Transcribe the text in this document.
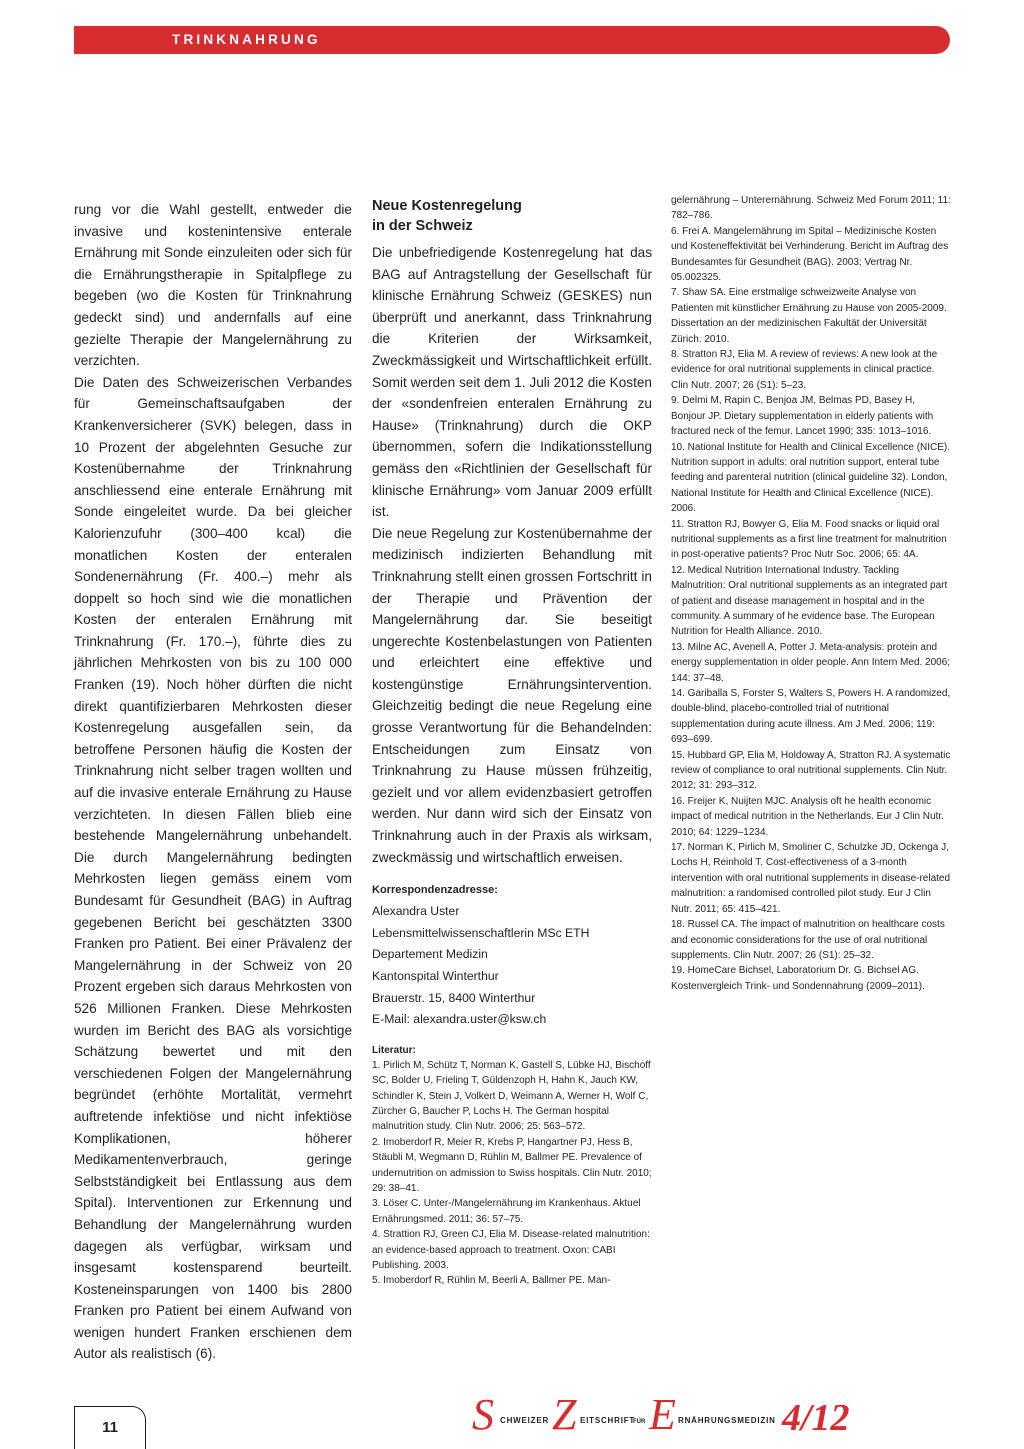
TRINKNAHRUNG

rung vor die Wahl gestellt, entweder die invasive und kostenintensive enterale Ernährung mit Sonde einzuleiten oder sich für die Ernährungstherapie in Spitalpflege zu begeben (wo die Kosten für Trinknahrung gedeckt sind) und andernfalls auf eine gezielte Therapie der Mangelernährung zu verzichten.

Die Daten des Schweizerischen Verbandes für Gemeinschaftsaufgaben der Krankenversicherer (SVK) belegen, dass in 10 Prozent der abgelehnten Gesuche zur Kostenübernahme der Trinknahrung anschliessend eine enterale Ernährung mit Sonde eingeleitet wurde. Da bei gleicher Kalorienzufuhr (300–400 kcal) die monatlichen Kosten der enteralen Sondenernährung (Fr. 400.–) mehr als doppelt so hoch sind wie die monatlichen Kosten der enteralen Ernährung mit Trinknahrung (Fr. 170.–), führte dies zu jährlichen Mehrkosten von bis zu 100 000 Franken (19). Noch höher dürften die nicht direkt quantifizierbaren Mehrkosten dieser Kostenregelung ausgefallen sein, da betroffene Personen häufig die Kosten der Trinknahrung nicht selber tragen wollten und auf die invasive enterale Ernährung zu Hause verzichteten. In diesen Fällen blieb eine bestehende Mangelernährung unbehandelt. Die durch Mangelernährung bedingten Mehrkosten liegen gemäss einem vom Bundesamt für Gesundheit (BAG) in Auftrag gegebenen Bericht bei geschätzten 3300 Franken pro Patient. Bei einer Prävalenz der Mangelernährung in der Schweiz von 20 Prozent ergeben sich daraus Mehrkosten von 526 Millionen Franken. Diese Mehrkosten wurden im Bericht des BAG als vorsichtige Schätzung bewertet und mit den verschiedenen Folgen der Mangelernährung begründet (erhöhte Mortalität, vermehrt auftretende infektiöse und nicht infektiöse Komplikationen, höherer Medikamentenverbrauch, geringe Selbstständigkeit bei Entlassung aus dem Spital). Interventionen zur Erkennung und Behandlung der Mangelernährung wurden dagegen als verfügbar, wirksam und insgesamt kostensparend beurteilt. Kosteneinsparungen von 1400 bis 2800 Franken pro Patient bei einem Aufwand von wenigen hundert Franken erschienen dem Autor als realistisch (6).

Neue Kostenregelung
in der Schweiz

Die unbefriedigende Kostenregelung hat das BAG auf Antragstellung der Gesellschaft für klinische Ernährung Schweiz (GESKES) nun überprüft und anerkannt, dass Trinknahrung die Kriterien der Wirksamkeit, Zweckmässigkeit und Wirtschaftlichkeit erfüllt. Somit werden seit dem 1. Juli 2012 die Kosten der «sondenfreien enteralen Ernährung zu Hause» (Trinknahrung) durch die OKP übernommen, sofern die Indikationsstellung gemäss den «Richtlinien der Gesellschaft für klinische Ernährung» vom Januar 2009 erfüllt ist.

Die neue Regelung zur Kostenübernahme der medizinisch indizierten Behandlung mit Trinknahrung stellt einen grossen Fortschritt in der Therapie und Prävention der Mangelernährung dar. Sie beseitigt ungerechte Kostenbelastungen von Patienten und erleichtert eine effektive und kostengünstige Ernährungsintervention. Gleichzeitig bedingt die neue Regelung eine grosse Verantwortung für die Behandelnden: Entscheidungen zum Einsatz von Trinknahrung zu Hause müssen frühzeitig, gezielt und vor allem evidenzbasiert getroffen werden. Nur dann wird sich der Einsatz von Trinknahrung auch in der Praxis als wirksam, zweckmässig und wirtschaftlich erweisen.

Korrespondenzadresse:
Alexandra Uster
Lebensmittelwissenschaftlerin MSc ETH
Departement Medizin
Kantonspital Winterthur
Brauerstr. 15, 8400 Winterthur
E-Mail: alexandra.uster@ksw.ch
Literatur:

1. Pirlich M, Schütz T, Norman K, Gastell S, Lübke HJ, Bischoff SC, Bolder U, Frieling T, Güldenzoph H, Hahn K, Jauch KW, Schindler K, Stein J, Volkert D, Weimann A, Werner H, Wolf C, Zürcher G, Baucher P, Lochs H. The German hospital malnutrition study. Clin Nutr. 2006; 25: 563–572.

2. Imoberdorf R, Meier R, Krebs P, Hangartner PJ, Hess B, Stäubli M, Wegmann D, Rühlin M, Ballmer PE. Prevalence of undernutrition on admission to Swiss hospitals. Clin Nutr. 2010; 29: 38–41.

3. Löser C. Unter-/Mangelernährung im Krankenhaus. Aktuel Ernährungsmed. 2011; 36: 57–75.

4. Strattion RJ, Green CJ, Elia M. Disease-related malnutrition: an evidence-based approach to treatment. Oxon: CABI Publishing. 2003.

5. Imoberdorf R, Rühlin M, Beerli A, Ballmer PE. Man-

gelernährung – Unterernährung. Schweiz Med Forum 2011; 11: 782–786.

6. Frei A. Mangelernährung im Spital – Medizinische Kosten und Kosteneffektivität bei Verhinderung. Bericht im Auftrag des Bundesamtes für Gesundheit (BAG). 2003; Vertrag Nr. 05.002325.

7. Shaw SA. Eine erstmalige schweizweite Analyse von Patienten mit künstlicher Ernährung zu Hause von 2005-2009. Dissertation an der medizinischen Fakultät der Universität Zürich. 2010.

8. Stratton RJ, Elia M. A review of reviews: A new look at the evidence for oral nutritional supplements in clinical practice. Clin Nutr. 2007; 26 (S1): 5–23.

9. Delmi M, Rapin C, Benjoa JM, Belmas PD, Basey H, Bonjour JP. Dietary supplementation in elderly patients with fractured neck of the femur. Lancet 1990; 335: 1013–1016.

10. National Institute for Health and Clinical Excellence (NICE). Nutrition support in adults: oral nutrition support, enteral tube feeding and parenteral nutrition (clinical guideline 32). London, National Institute for Health and Clinical Excellence (NICE). 2006.

11. Stratton RJ, Bowyer G, Elia M. Food snacks or liquid oral nutritional supplements as a first line treatment for malnutrition in post-operative patients? Proc Nutr Soc. 2006; 65: 4A.

12. Medical Nutrition International Industry. Tackling Malnutrition: Oral nutritional supplements as an integrated part of patient and disease management in hospital and in the community. A summary of he evidence base. The European Nutrition for Health Alliance. 2010.

13. Milne AC, Avenell A, Potter J. Meta-analysis: protein and energy supplementation in older people. Ann Intern Med. 2006; 144: 37–48.

14. Gariballa S, Forster S, Walters S, Powers H. A randomized, double-blind, placebo-controlled trial of nutritional supplementation during acute illness. Am J Med. 2006; 119: 693–699.

15. Hubbard GP, Elia M, Holdoway A, Stratton RJ. A systematic review of compliance to oral nutritional supplements. Clin Nutr. 2012; 31: 293–312.

16. Freijer K, Nuijten MJC. Analysis oft he health economic impact of medical nutrition in the Netherlands. Eur J Clin Nutr. 2010; 64: 1229–1234.

17. Norman K, Pirlich M, Smoliner C, Schulzke JD, Ockenga J, Lochs H, Reinhold T. Cost-effectiveness of a 3-month intervention with oral nutritional supplements in disease-related malnutrition: a randomised controlled pilot study. Eur J Clin Nutr. 2011; 65: 415–421.

18. Russel CA. The impact of malnutrition on healthcare costs and economic considerations for the use of oral nutritional supplements. Clin Nutr. 2007; 26 (S1): 25–32.

19. HomeCare Bichsel, Laboratorium Dr. G. Bichsel AG. Kostenvergleich Trink- und Sondennahrung (2009–2011).

11	S CHWEIZER Z EITSCHRIFT
FÜR E RNÄHRUNGSMEDIZIN 4/12
